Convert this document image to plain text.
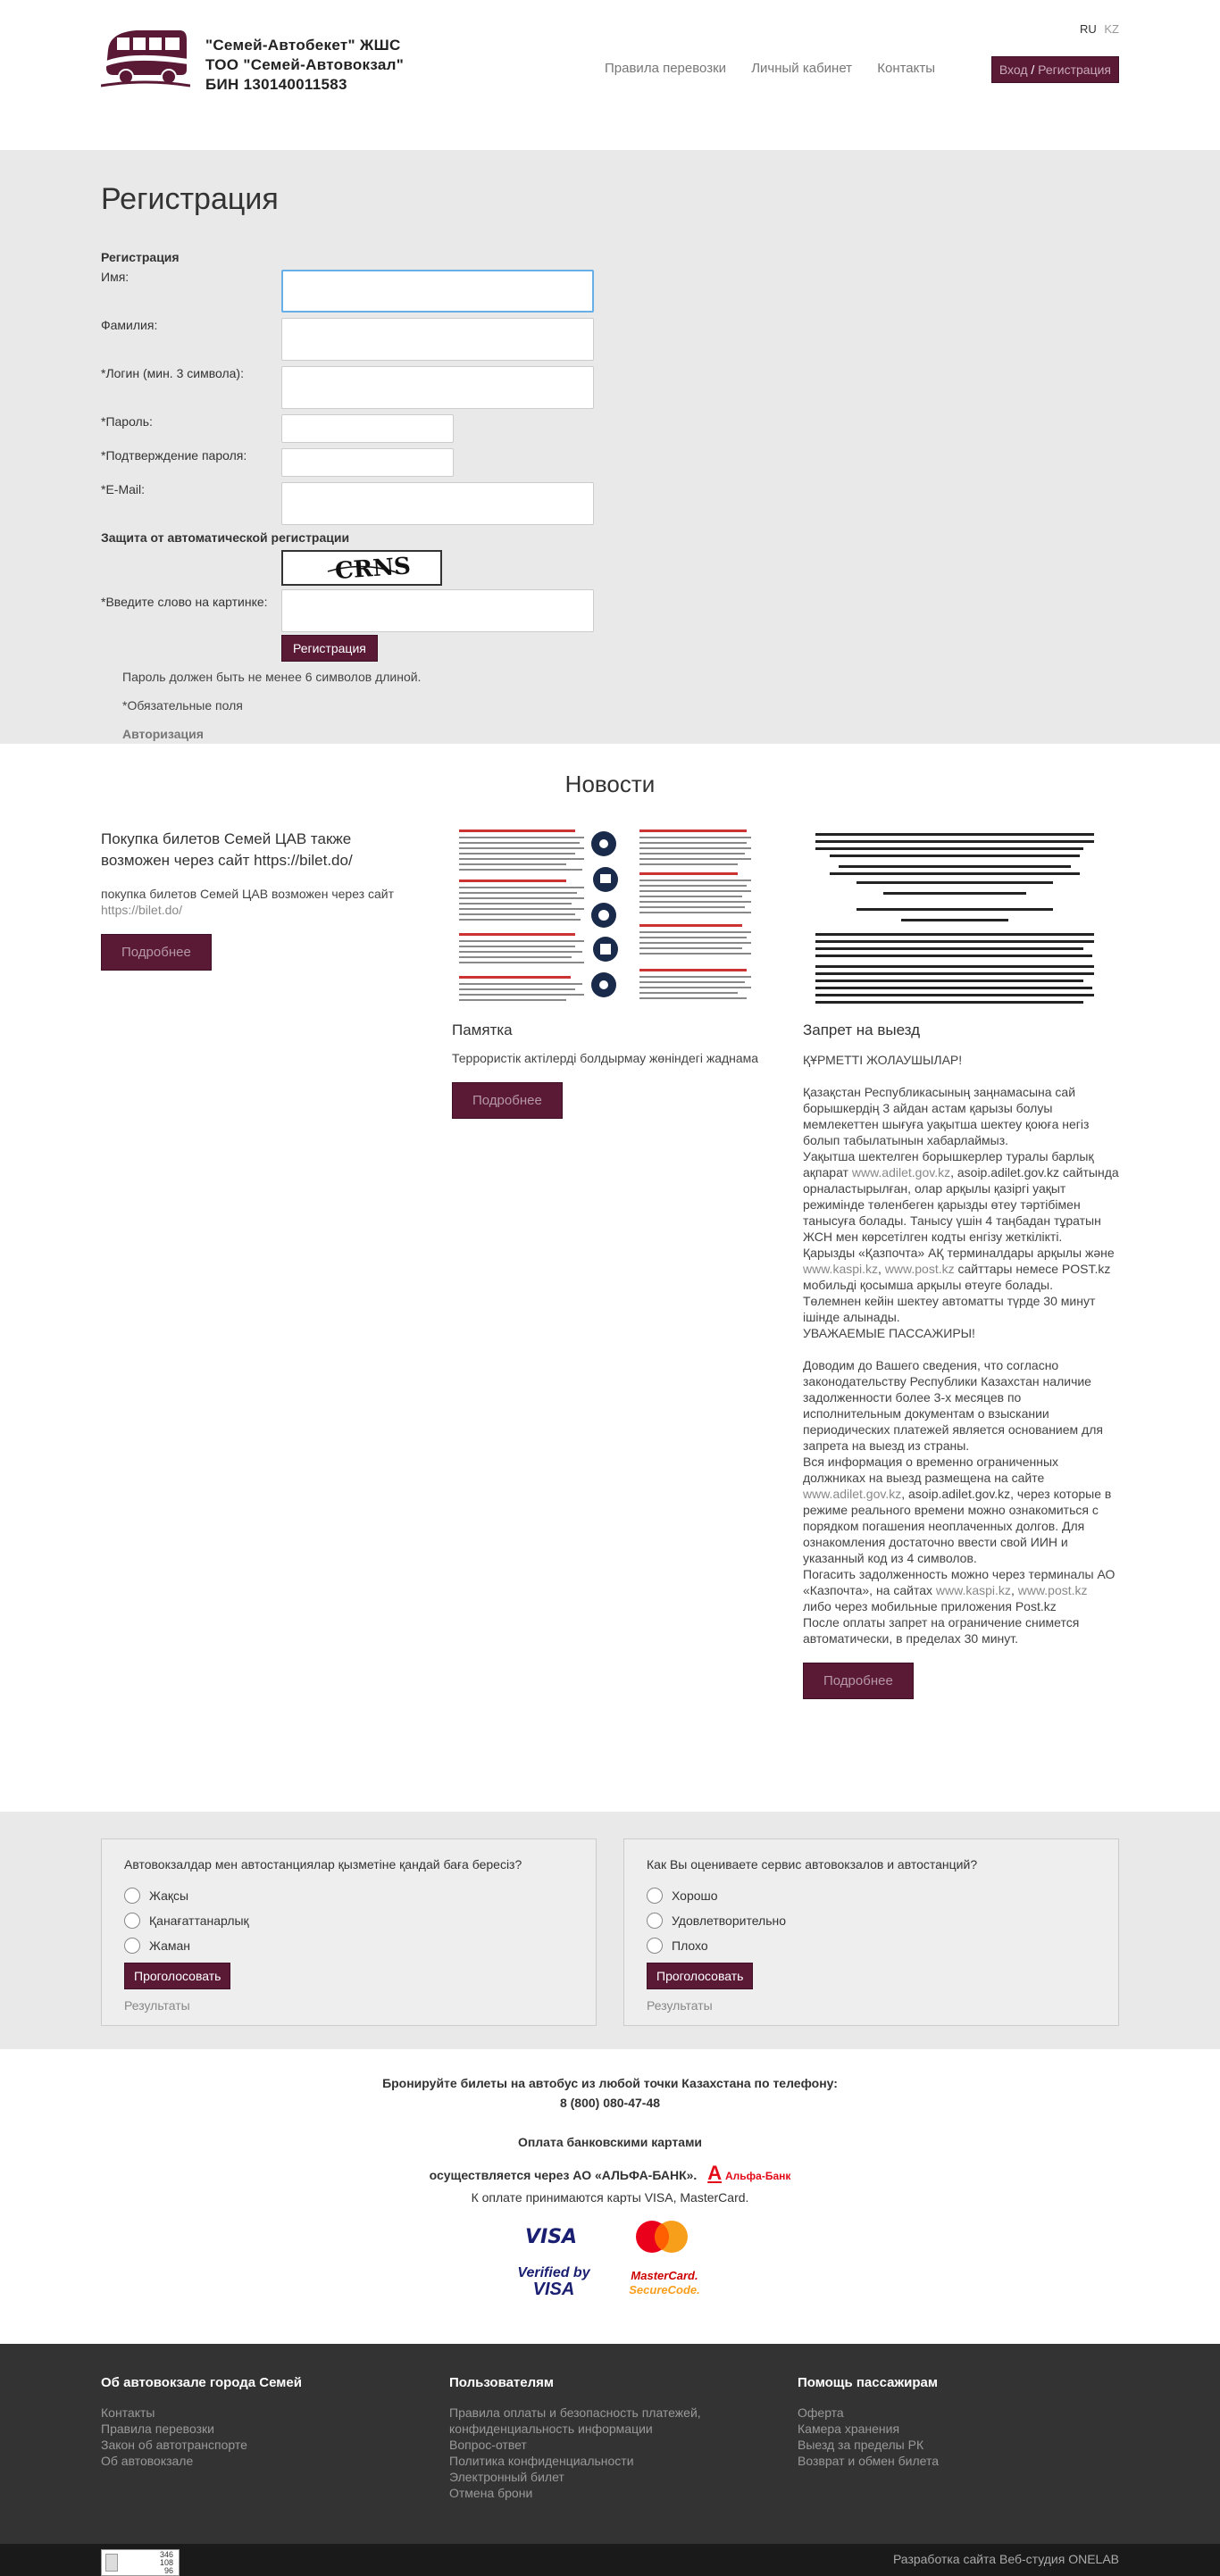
"Семей-Автобекет" ЖШС
ТОО "Семей-Автовокзал"
БИН 130140011583
RU KZ
Правила перевозки Личный кабинет Контакты	Вход / Регистрация
Регистрация
Регистрация
Имя:
Фамилия:
*Логин (мин. 3 символа):
*Пароль:
*Подтверждение пароля:
*E-Mail:
Защита от автоматической регистрации
CRNS
*Введите слово на картинке:
Регистрация
Пароль должен быть не менее 6 символов длиной.
*Обязательные поля
Авторизация
Новости
Покупка билетов Семей ЦАВ также возможен через сайт https://bilet.do/
покупка билетов Семей ЦАВ возможен через сайт https://bilet.do/
Подробнее
Памятка
Террористік актілерді болдырмау жөніндегі жаднама
Подробнее
Запрет на выезд

ҚҰРМЕТТІ ЖОЛАУШЫЛАР!

Қазақстан Республикасының заңнамасына сай борышкердің 3 айдан астам қарызы болуы мемлекеттен шығуға уақытша шектеу қоюға негіз болып табылатынын хабарлаймыз.

Уақытша шектелген борышкерлер туралы барлық ақпарат www.adilet.gov.kz, asoip.adilet.gov.kz сайтында орналастырылған, олар арқылы қазіргі уақыт режимінде төленбеген қарызды өтеу тәртібімен танысуға болады. Танысу үшін 4 таңбадан тұратын ЖСН мен көрсетілген кодты енгізу жеткілікті.

Қарызды «Қазпочта» АҚ терминалдары арқылы және www.kaspi.kz, www.post.kz сайттары немесе POST.kz мобильді қосымша арқылы өтеуге болады.

Төлемнен кейін шектеу автоматты түрде 30 минут ішінде алынады.

УВАЖАЕМЫЕ ПАССАЖИРЫ!

Доводим до Вашего сведения, что согласно законодательству Республики Казахстан наличие задолженности более 3-х месяцев по исполнительным документам о взыскании периодических платежей является основанием для запрета на выезд из страны.

Вся информация о временно ограниченных должниках на выезд размещена на сайте www.adilet.gov.kz, asoip.adilet.gov.kz, через которые в режиме реального времени можно ознакомиться с порядком погашения неоплаченных долгов. Для ознакомления достаточно ввести свой ИИН и указанный код из 4 символов.

Погасить задолженность можно через терминалы АО «Казпочта», на сайтах www.kaspi.kz, www.post.kz либо через мобильные приложения Post.kz

После оплаты запрет на ограничение снимется автоматически, в пределах 30 минут.

Подробнее
Автовокзалдар мен автостанциялар қызметіне қандай баға бересіз?
Жақсы
Қанағаттанарлық
Жаман
Проголосовать
Результаты
Как Вы оцениваете сервис автовокзалов и автостанций?
Хорошо
Удовлетворительно
Плохо
Проголосовать
Результаты
Бронируйте билеты на автобус из любой точки Казахстана по телефону:
8 (800) 080-47-48
Оплата банковскими картами
осуществляется через АО «АЛЬФА-БАНК». А Альфа-Банк
К оплате принимаются карты VISA, MasterCard.
VISA
Verified by
VISA
MasterCard.
SecureCode.
Об автовокзале города Семей
Контакты
Правила перевозки
Закон об автотранспорте
Об автовокзале
Пользователям
Правила оплаты и безопасность платежей, конфиденциальность информации
Вопрос-ответ
Политика конфиденциальности
Электронный билет
Отмена брони
Помощь пассажирам
Оферта
Камера хранения
Выезд за пределы РК
Возврат и обмен билета
346
108
96
Разработка сайта Веб-студия ONELAB
